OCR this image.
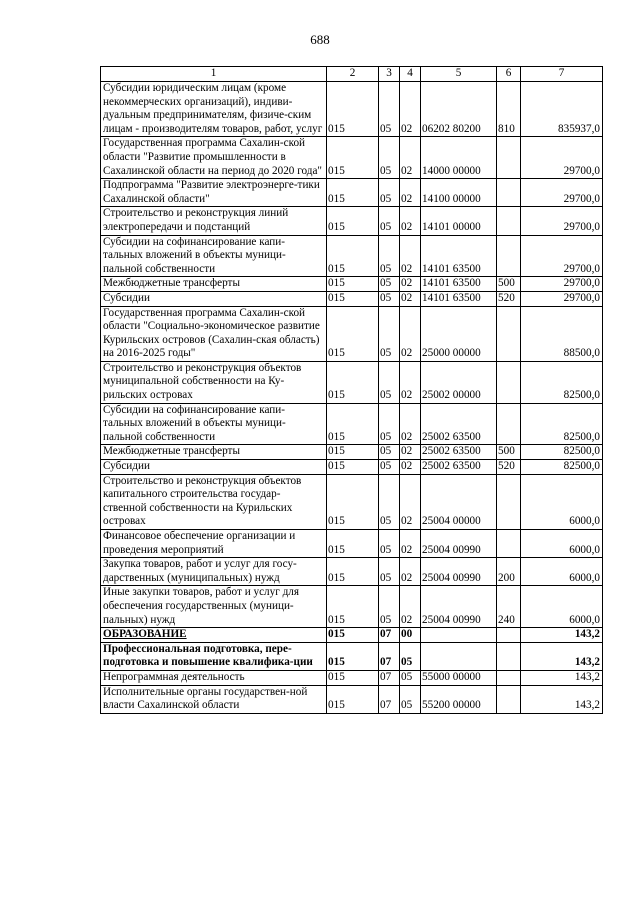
688
1	2	3	4	5	6	7
Субсидии юридическим лицам (кроме некоммерческих организаций), индиви-дуальным предпринимателям, физиче-ским лицам - производителям товаров, работ, услуг	015	05	02	06202 80200	810	835937,0
Государственная программа Сахалин-ской области "Развитие промышленности в Сахалинской области на период до 2020 года"	015	05	02	14000 00000		29700,0
Подпрограмма "Развитие электроэнерге-тики Сахалинской области"	015	05	02	14100 00000		29700,0
Строительство и реконструкция линий электропередачи и подстанций	015	05	02	14101 00000		29700,0
Субсидии на софинансирование капи-тальных вложений в объекты муници-пальной собственности	015	05	02	14101 63500		29700,0
Межбюджетные трансферты	015	05	02	14101 63500	500	29700,0
Субсидии	015	05	02	14101 63500	520	29700,0
Государственная программа Сахалин-ской области "Социально-экономическое развитие Курильских островов (Сахалин-ская область) на 2016-2025 годы"	015	05	02	25000 00000		88500,0
Строительство и реконструкция объектов муниципальной собственности на Ку-рильских островах	015	05	02	25002 00000		82500,0
Субсидии на софинансирование капи-тальных вложений в объекты муници-пальной собственности	015	05	02	25002 63500		82500,0
Межбюджетные трансферты	015	05	02	25002 63500	500	82500,0
Субсидии	015	05	02	25002 63500	520	82500,0
Строительство и реконструкция объектов капитального строительства государ-ственной собственности на Курильских островах	015	05	02	25004 00000		6000,0
Финансовое обеспечение организации и проведения мероприятий	015	05	02	25004 00990		6000,0
Закупка товаров, работ и услуг для госу-дарственных (муниципальных) нужд	015	05	02	25004 00990	200	6000,0
Иные закупки товаров, работ и услуг для обеспечения государственных (муници-пальных) нужд	015	05	02	25004 00990	240	6000,0
ОБРАЗОВАНИЕ	015	07	00			143,2
Профессиональная подготовка, пере-подготовка и повышение квалифика-ции	015	07	05			143,2
Непрограммная деятельность	015	07	05	55000 00000		143,2
Исполнительные органы государствен-ной власти Сахалинской области	015	07	05	55200 00000		143,2
